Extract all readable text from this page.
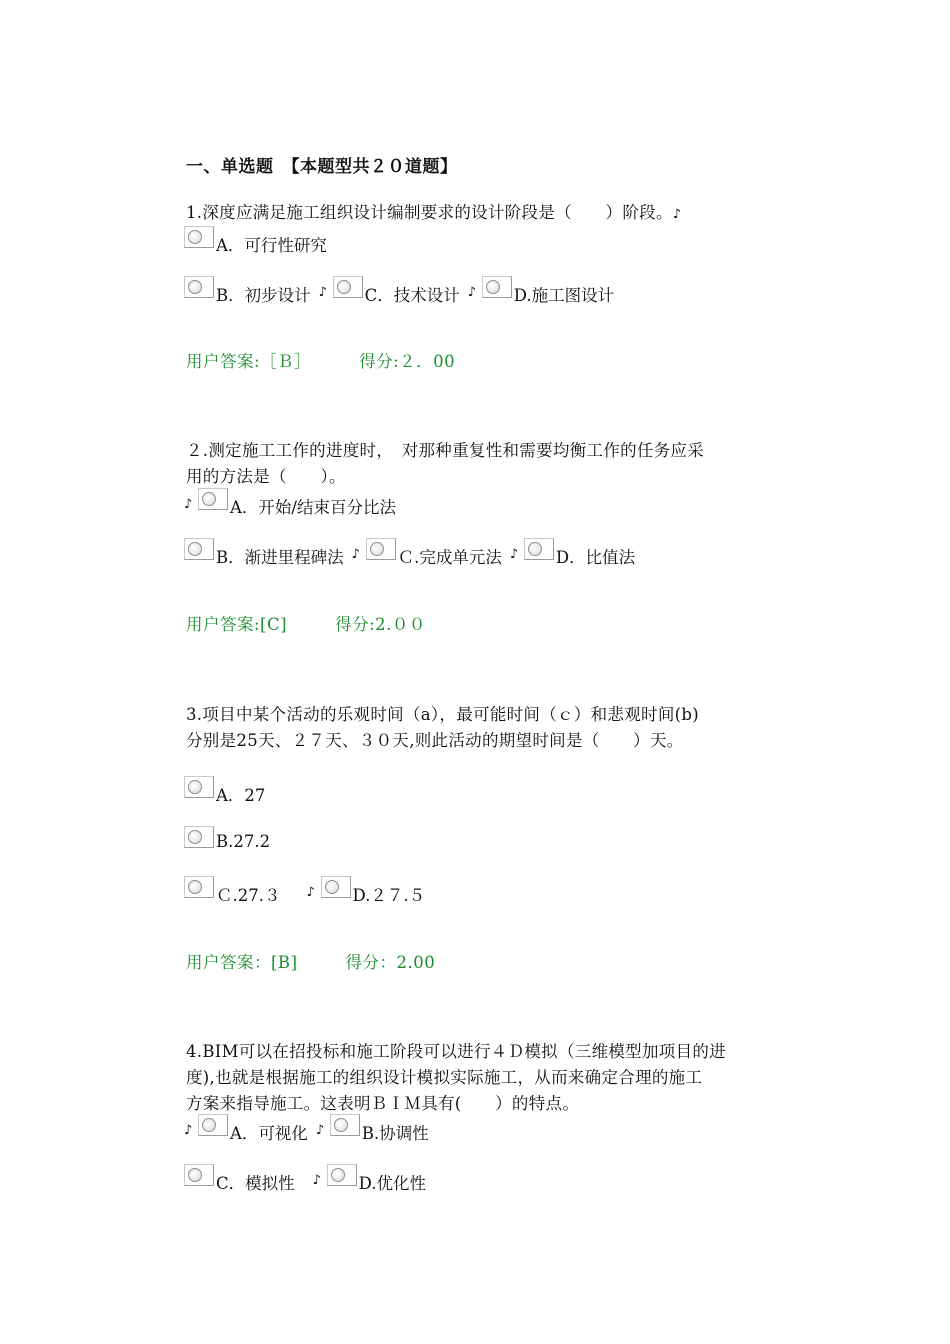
一、单选题　【本题型共２０道题】
1.深度应满足施工组织设计编制要求的设计阶段是（　　）阶段。♪
A．可行性研究
B．初步设计 ♪ C．技术设计 ♪ D.施工图设计
用户答案:［Ｂ］	得分:２．00
２.测定施工工作的进度时，　对那种重复性和需要均衡工作的任务应采
用的方法是（　　）。
♪ A．开始/结束百分比法
B．渐进里程碑法 ♪ Ｃ.完成单元法 ♪ D．比值法
用户答案:[C]	得分:2.００
3.项目中某个活动的乐观时间（a），最可能时间（ｃ）和悲观时间(b)
分别是25天、２７天、３０天,则此活动的期望时间是（　　）天。
A．27
B.27.2
Ｃ.27.３	♪ D.２７.５
用户答案：[B]	得分：2.00
4.BIM可以在招投标和施工阶段可以进行４Ｄ模拟（三维模型加项目的进
度),也就是根据施工的组织设计模拟实际施工，从而来确定合理的施工
方案来指导施工。这表明ＢＩＭ具有(　　）的特点。
♪ A．可视化 ♪ B.协调性
C．模拟性	♪ D.优化性
